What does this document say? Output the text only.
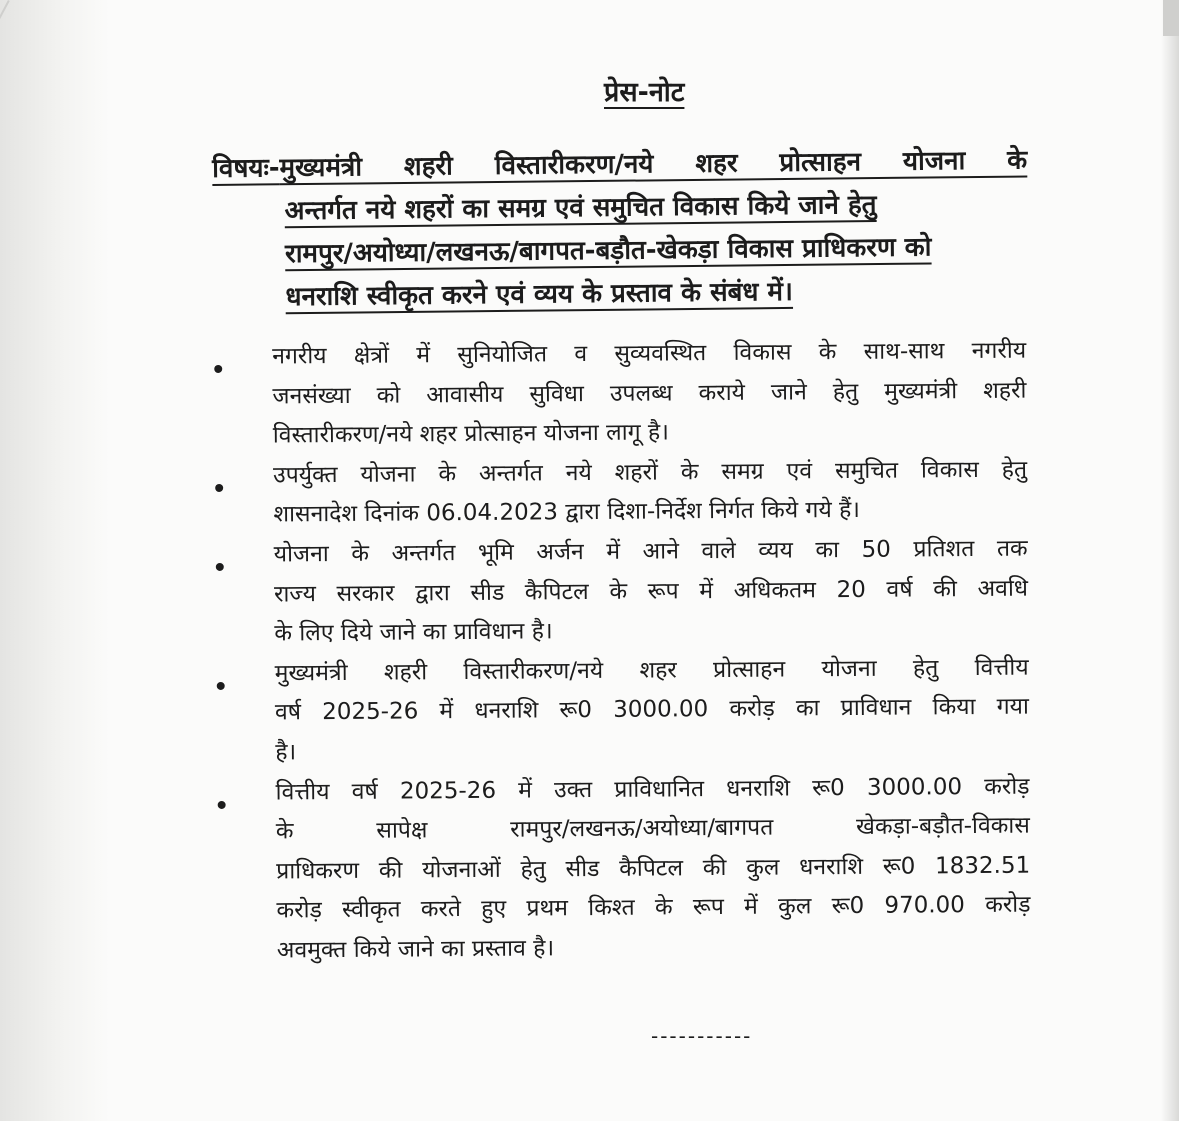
प्रेस-नोट
विषयः-मुख्यमंत्री शहरी विस्तारीकरण/नये शहर प्रोत्साहन योजना के
अन्तर्गत नये शहरों का समग्र एवं समुचित विकास किये जाने हेतु
रामपुर/अयोध्या/लखनऊ/बागपत-बड़ौत-खेकड़ा विकास प्राधिकरण को
धनराशि स्वीकृत करने एवं व्यय के प्रस्ताव के संबंध में।
नगरीय क्षेत्रों में सुनियोजित व सुव्यवस्थित विकास के साथ-साथ नगरीय
जनसंख्या को आवासीय सुविधा उपलब्ध कराये जाने हेतु मुख्यमंत्री शहरी
विस्तारीकरण/नये शहर प्रोत्साहन योजना लागू है।
उपर्युक्त योजना के अन्तर्गत नये शहरों के समग्र एवं समुचित विकास हेतु
शासनादेश दिनांक 06.04.2023 द्वारा दिशा-निर्देश निर्गत किये गये हैं।
योजना के अन्तर्गत भूमि अर्जन में आने वाले व्यय का 50 प्रतिशत तक
राज्य सरकार द्वारा सीड कैपिटल के रूप में अधिकतम 20 वर्ष की अवधि
के लिए दिये जाने का प्राविधान है।
मुख्यमंत्री शहरी विस्तारीकरण/नये शहर प्रोत्साहन योजना हेतु वित्तीय
वर्ष 2025-26 में धनराशि रू0 3000.00 करोड़ का प्राविधान किया गया
है।
वित्तीय वर्ष 2025-26 में उक्त प्राविधानित धनराशि रू0 3000.00 करोड़
के सापेक्ष रामपुर/लखनऊ/अयोध्या/बागपत खेकड़ा-बड़ौत-विकास
प्राधिकरण की योजनाओं हेतु सीड कैपिटल की कुल धनराशि रू0 1832.51
करोड़ स्वीकृत करते हुए प्रथम किश्त के रूप में कुल रू0 970.00 करोड़
अवमुक्त किये जाने का प्रस्ताव है।
-----------
